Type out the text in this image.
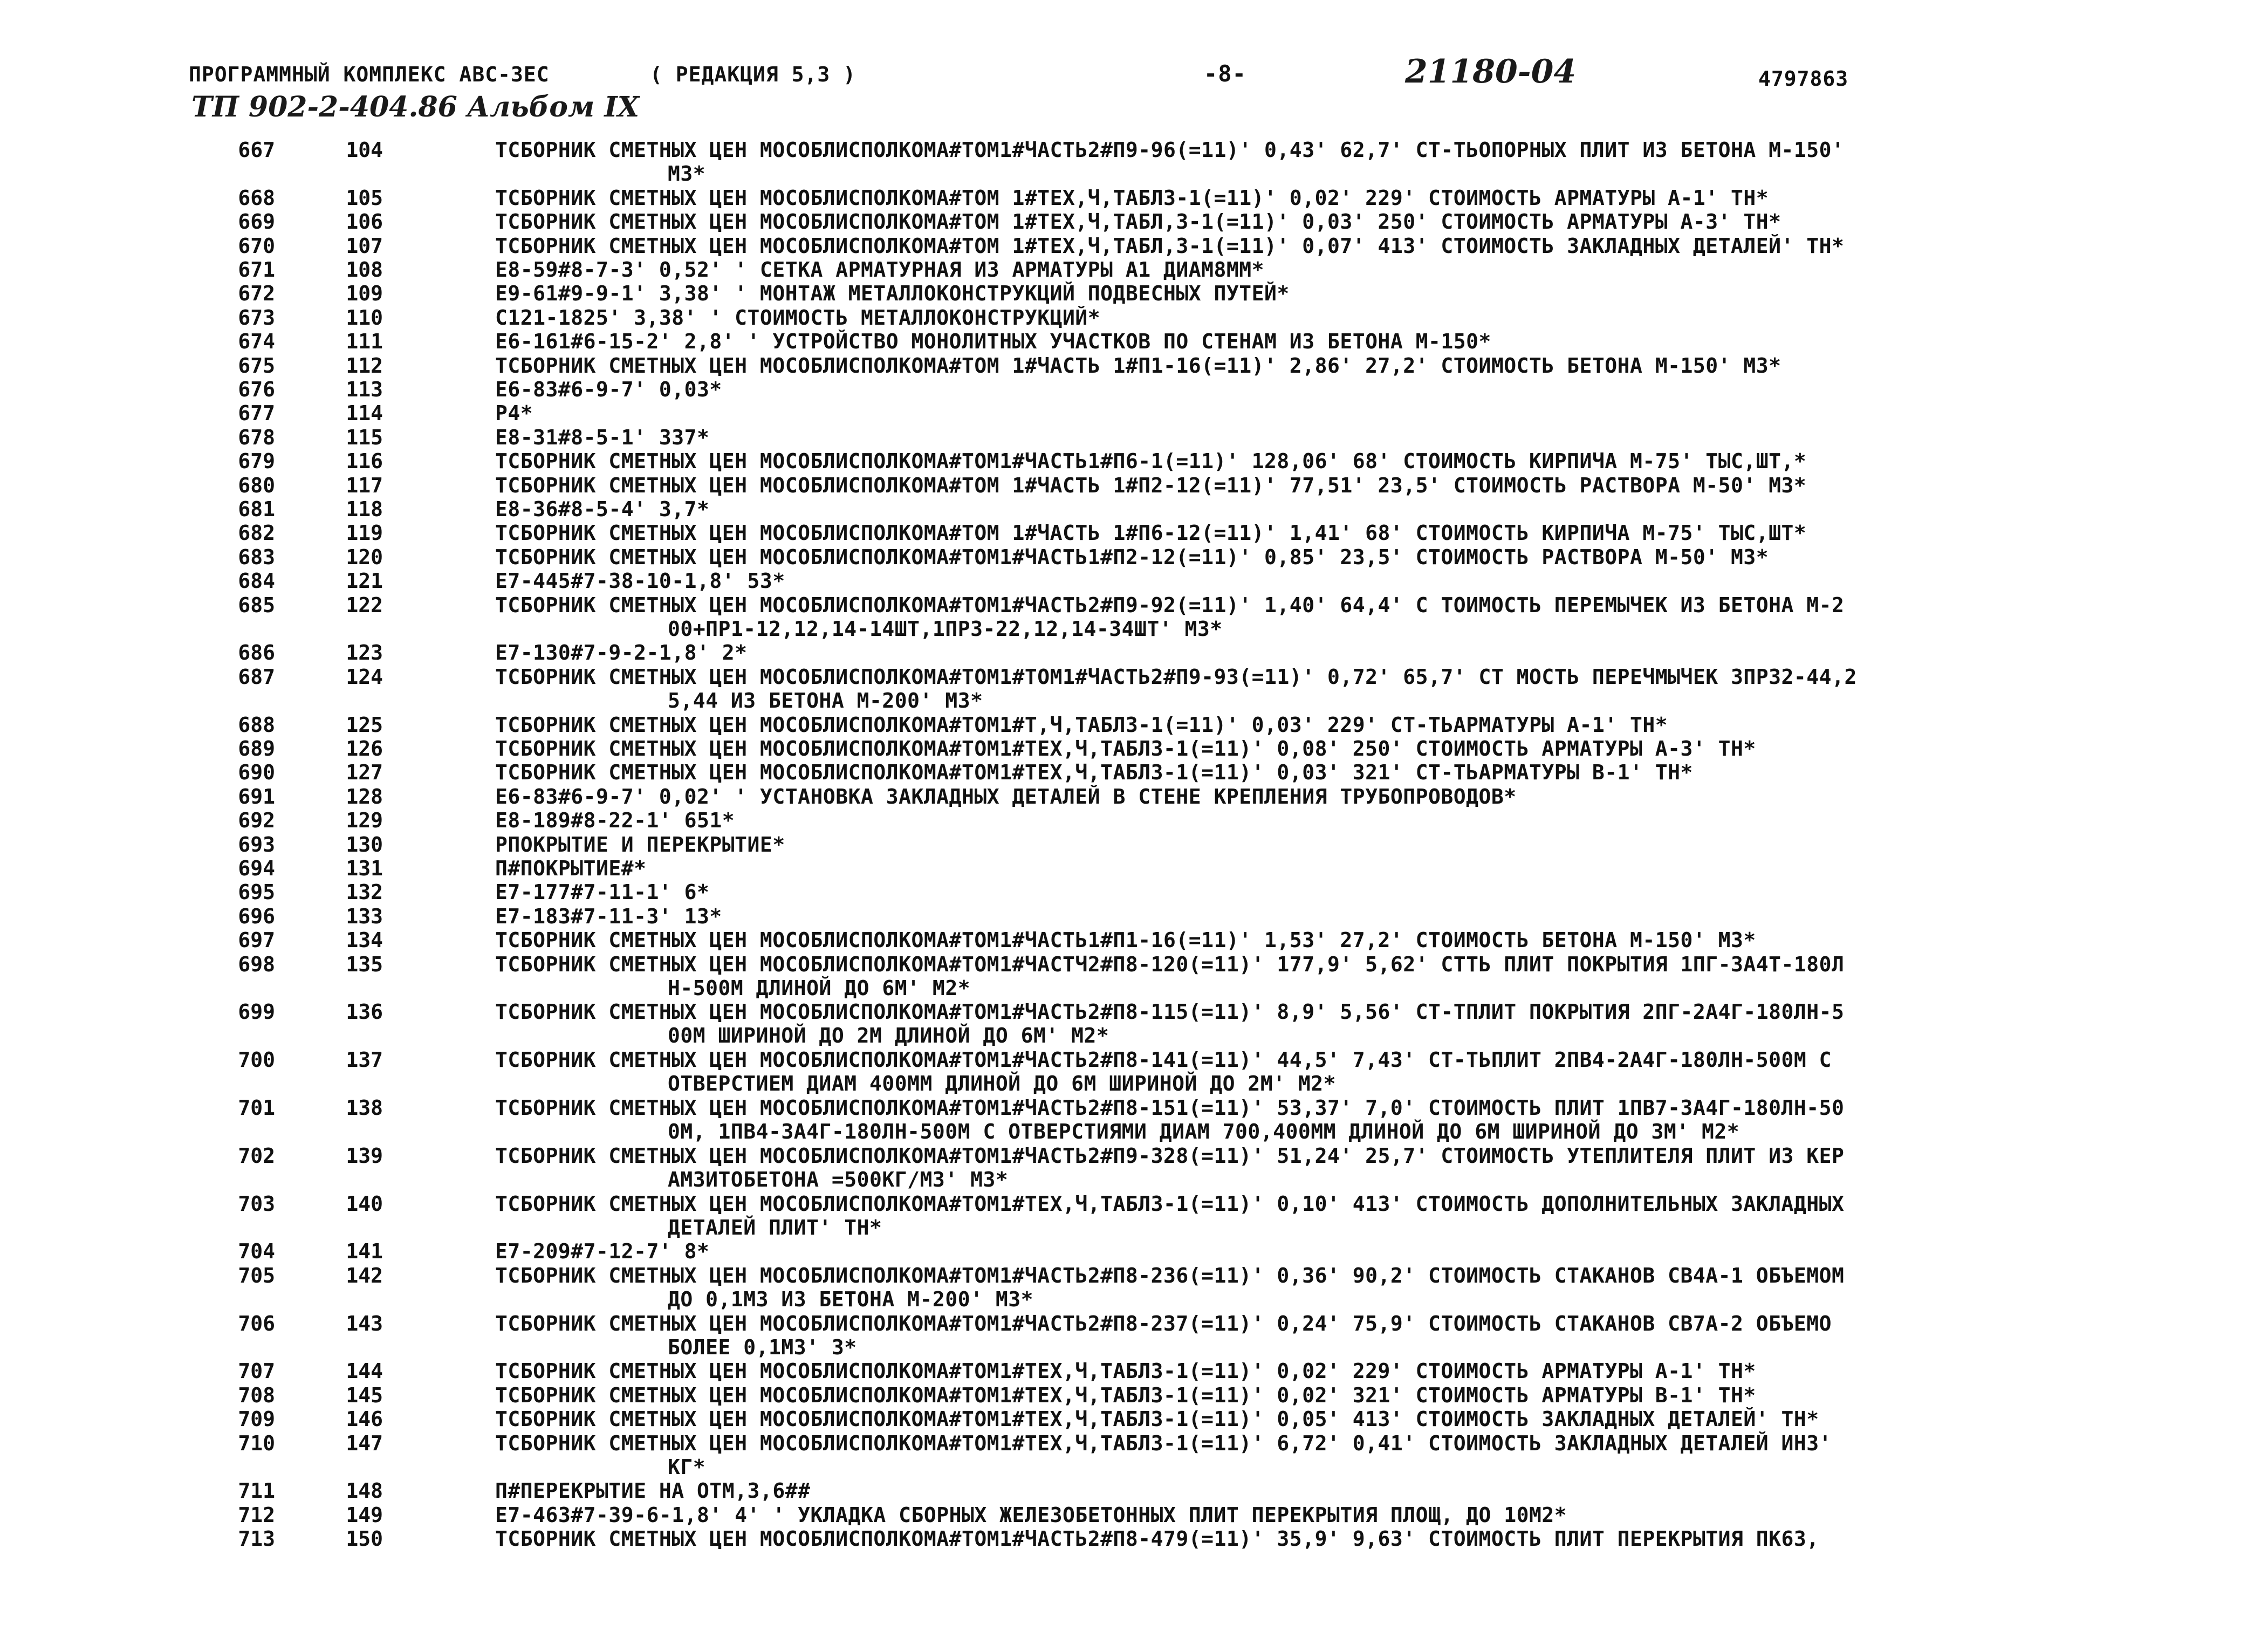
ПРОГРАММНЫЙ КОМПЛЕКС АВС-3ЕС	( РЕДАКЦИЯ 5,3 )	-8-	21180-04	4797863
ТП 902-2-404.86 Альбом IX
667	104	ТСБОРНИК СМЕТНЫХ ЦЕН МОСОБЛИСПОЛКОМА#ТОМ1#ЧАСТЬ2#П9-96(=11)' 0,43' 62,7' СТ-ТЬОПОРНЫХ ПЛИТ ИЗ БЕТОНА М-150'
М3*
668	105	ТСБОРНИК СМЕТНЫХ ЦЕН МОСОБЛИСПОЛКОМА#ТОМ 1#ТЕХ,Ч,ТАБЛ3-1(=11)' 0,02' 229' СТОИМОСТЬ АРМАТУРЫ А-1' ТН*
669	106	ТСБОРНИК СМЕТНЫХ ЦЕН МОСОБЛИСПОЛКОМА#ТОМ 1#ТЕХ,Ч,ТАБЛ,3-1(=11)' 0,03' 250' СТОИМОСТЬ АРМАТУРЫ А-3' ТН*
670	107	ТСБОРНИК СМЕТНЫХ ЦЕН МОСОБЛИСПОЛКОМА#ТОМ 1#ТЕХ,Ч,ТАБЛ,3-1(=11)' 0,07' 413' СТОИМОСТЬ ЗАКЛАДНЫХ ДЕТАЛЕЙ' ТН*
671	108	Е8-59#8-7-3' 0,52' ' СЕТКА АРМАТУРНАЯ ИЗ АРМАТУРЫ А1 ДИАМ8ММ*
672	109	Е9-61#9-9-1' 3,38' ' МОНТАЖ МЕТАЛЛОКОНСТРУКЦИЙ ПОДВЕСНЫХ ПУТЕЙ*
673	110	С121-1825' 3,38' ' СТОИМОСТЬ МЕТАЛЛОКОНСТРУКЦИЙ*
674	111	Е6-161#6-15-2' 2,8' ' УСТРОЙСТВО МОНОЛИТНЫХ УЧАСТКОВ ПО СТЕНАМ ИЗ БЕТОНА М-150*
675	112	ТСБОРНИК СМЕТНЫХ ЦЕН МОСОБЛИСПОЛКОМА#ТОМ 1#ЧАСТЬ 1#П1-16(=11)' 2,86' 27,2' СТОИМОСТЬ БЕТОНА М-150' М3*
676	113	Е6-83#6-9-7' 0,03*
677	114	Р4*
678	115	Е8-31#8-5-1' 337*
679	116	ТСБОРНИК СМЕТНЫХ ЦЕН МОСОБЛИСПОЛКОМА#ТОМ1#ЧАСТЬ1#П6-1(=11)' 128,06' 68' СТОИМОСТЬ КИРПИЧА М-75' ТЫС,ШТ,*
680	117	ТСБОРНИК СМЕТНЫХ ЦЕН МОСОБЛИСПОЛКОМА#ТОМ 1#ЧАСТЬ 1#П2-12(=11)' 77,51' 23,5' СТОИМОСТЬ РАСТВОРА М-50' М3*
681	118	Е8-36#8-5-4' 3,7*
682	119	ТСБОРНИК СМЕТНЫХ ЦЕН МОСОБЛИСПОЛКОМА#ТОМ 1#ЧАСТЬ 1#П6-12(=11)' 1,41' 68' СТОИМОСТЬ КИРПИЧА М-75' ТЫС,ШТ*
683	120	ТСБОРНИК СМЕТНЫХ ЦЕН МОСОБЛИСПОЛКОМА#ТОМ1#ЧАСТЬ1#П2-12(=11)' 0,85' 23,5' СТОИМОСТЬ РАСТВОРА М-50' М3*
684	121	Е7-445#7-38-10-1,8' 53*
685	122	ТСБОРНИК СМЕТНЫХ ЦЕН МОСОБЛИСПОЛКОМА#ТОМ1#ЧАСТЬ2#П9-92(=11)' 1,40' 64,4' С ТОИМОСТЬ ПЕРЕМЫЧЕК ИЗ БЕТОНА М-2
00+ПР1-12,12,14-14ШТ,1ПР3-22,12,14-34ШТ' М3*
686	123	Е7-130#7-9-2-1,8' 2*
687	124	ТСБОРНИК СМЕТНЫХ ЦЕН МОСОБЛИСПОЛКОМА#ТОМ1#ТОМ1#ЧАСТЬ2#П9-93(=11)' 0,72' 65,7' СТ МОСТЬ ПЕРЕЧМЫЧЕК 3ПР32-44,2
5,44 ИЗ БЕТОНА М-200' М3*
688	125	ТСБОРНИК СМЕТНЫХ ЦЕН МОСОБЛИСПОЛКОМА#ТОМ1#Т,Ч,ТАБЛ3-1(=11)' 0,03' 229' СТ-ТЬАРМАТУРЫ А-1' ТН*
689	126	ТСБОРНИК СМЕТНЫХ ЦЕН МОСОБЛИСПОЛКОМА#ТОМ1#ТЕХ,Ч,ТАБЛ3-1(=11)' 0,08' 250' СТОИМОСТЬ АРМАТУРЫ А-3' ТН*
690	127	ТСБОРНИК СМЕТНЫХ ЦЕН МОСОБЛИСПОЛКОМА#ТОМ1#ТЕХ,Ч,ТАБЛ3-1(=11)' 0,03' 321' СТ-ТЬАРМАТУРЫ В-1' ТН*
691	128	Е6-83#6-9-7' 0,02' ' УСТАНОВКА ЗАКЛАДНЫХ ДЕТАЛЕЙ В СТЕНЕ КРЕПЛЕНИЯ ТРУБОПРОВОДОВ*
692	129	Е8-189#8-22-1' 651*
693	130	РПОКРЫТИЕ И ПЕРЕКРЫТИЕ*
694	131	П#ПОКРЫТИЕ#*
695	132	Е7-177#7-11-1' 6*
696	133	Е7-183#7-11-3' 13*
697	134	ТСБОРНИК СМЕТНЫХ ЦЕН МОСОБЛИСПОЛКОМА#ТОМ1#ЧАСТЬ1#П1-16(=11)' 1,53' 27,2' СТОИМОСТЬ БЕТОНА М-150' М3*
698	135	ТСБОРНИК СМЕТНЫХ ЦЕН МОСОБЛИСПОЛКОМА#ТОМ1#ЧАСТЧ2#П8-120(=11)' 177,9' 5,62' СТТЬ ПЛИТ ПОКРЫТИЯ 1ПГ-3А4Т-180Л
Н-500М ДЛИНОЙ ДО 6М' М2*
699	136	ТСБОРНИК СМЕТНЫХ ЦЕН МОСОБЛИСПОЛКОМА#ТОМ1#ЧАСТЬ2#П8-115(=11)' 8,9' 5,56' СТ-ТПЛИТ ПОКРЫТИЯ 2ПГ-2А4Г-180ЛН-5
00М ШИРИНОЙ ДО 2М ДЛИНОЙ ДО 6М' М2*
700	137	ТСБОРНИК СМЕТНЫХ ЦЕН МОСОБЛИСПОЛКОМА#ТОМ1#ЧАСТЬ2#П8-141(=11)' 44,5' 7,43' СТ-ТЬПЛИТ 2ПВ4-2А4Г-180ЛН-500М С
ОТВЕРСТИЕМ ДИАМ 400ММ ДЛИНОЙ ДО 6М ШИРИНОЙ ДО 2М' М2*
701	138	ТСБОРНИК СМЕТНЫХ ЦЕН МОСОБЛИСПОЛКОМА#ТОМ1#ЧАСТЬ2#П8-151(=11)' 53,37' 7,0' СТОИМОСТЬ ПЛИТ 1ПВ7-3А4Г-180ЛН-50
0М, 1ПВ4-3А4Г-180ЛН-500М С ОТВЕРСТИЯМИ ДИАМ 700,400ММ ДЛИНОЙ ДО 6М ШИРИНОЙ ДО 3М' М2*
702	139	ТСБОРНИК СМЕТНЫХ ЦЕН МОСОБЛИСПОЛКОМА#ТОМ1#ЧАСТЬ2#П9-328(=11)' 51,24' 25,7' СТОИМОСТЬ УТЕПЛИТЕЛЯ ПЛИТ ИЗ КЕР
АМЗИТОБЕТОНА =500КГ/М3' М3*
703	140	ТСБОРНИК СМЕТНЫХ ЦЕН МОСОБЛИСПОЛКОМА#ТОМ1#ТЕХ,Ч,ТАБЛ3-1(=11)' 0,10' 413' СТОИМОСТЬ ДОПОЛНИТЕЛЬНЫХ ЗАКЛАДНЫХ
ДЕТАЛЕЙ ПЛИТ' ТН*
704	141	Е7-209#7-12-7' 8*
705	142	ТСБОРНИК СМЕТНЫХ ЦЕН МОСОБЛИСПОЛКОМА#ТОМ1#ЧАСТЬ2#П8-236(=11)' 0,36' 90,2' СТОИМОСТЬ СТАКАНОВ СВ4А-1 ОБЪЕМОМ
ДО 0,1М3 ИЗ БЕТОНА М-200' М3*
706	143	ТСБОРНИК СМЕТНЫХ ЦЕН МОСОБЛИСПОЛКОМА#ТОМ1#ЧАСТЬ2#П8-237(=11)' 0,24' 75,9' СТОИМОСТЬ СТАКАНОВ СВ7А-2 ОБЪЕМО
БОЛЕЕ 0,1М3' 3*
707	144	ТСБОРНИК СМЕТНЫХ ЦЕН МОСОБЛИСПОЛКОМА#ТОМ1#ТЕХ,Ч,ТАБЛ3-1(=11)' 0,02' 229' СТОИМОСТЬ АРМАТУРЫ А-1' ТН*
708	145	ТСБОРНИК СМЕТНЫХ ЦЕН МОСОБЛИСПОЛКОМА#ТОМ1#ТЕХ,Ч,ТАБЛ3-1(=11)' 0,02' 321' СТОИМОСТЬ АРМАТУРЫ В-1' ТН*
709	146	ТСБОРНИК СМЕТНЫХ ЦЕН МОСОБЛИСПОЛКОМА#ТОМ1#ТЕХ,Ч,ТАБЛ3-1(=11)' 0,05' 413' СТОИМОСТЬ ЗАКЛАДНЫХ ДЕТАЛЕЙ' ТН*
710	147	ТСБОРНИК СМЕТНЫХ ЦЕН МОСОБЛИСПОЛКОМА#ТОМ1#ТЕХ,Ч,ТАБЛ3-1(=11)' 6,72' 0,41' СТОИМОСТЬ ЗАКЛАДНЫХ ДЕТАЛЕЙ ИНЗ'
КГ*
711	148	П#ПЕРЕКРЫТИЕ НА ОТМ,3,6##
712	149	Е7-463#7-39-6-1,8' 4' ' УКЛАДКА СБОРНЫХ ЖЕЛЕЗОБЕТОННЫХ ПЛИТ ПЕРЕКРЫТИЯ ПЛОЩ, ДО 10М2*
713	150	ТСБОРНИК СМЕТНЫХ ЦЕН МОСОБЛИСПОЛКОМА#ТОМ1#ЧАСТЬ2#П8-479(=11)' 35,9' 9,63' СТОИМОСТЬ ПЛИТ ПЕРЕКРЫТИЯ ПК63,
